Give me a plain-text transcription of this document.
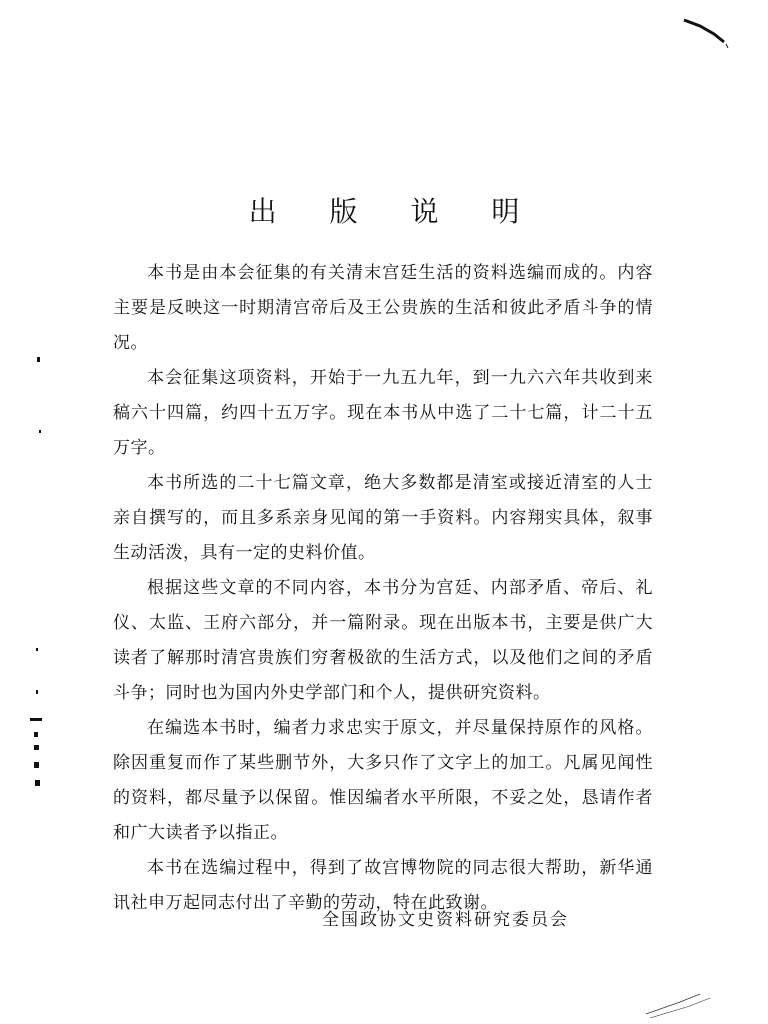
出 版 说 明

本书是由本会征集的有关清末宫廷生活的资料选编而成的。内容主要是反映这一时期清宫帝后及王公贵族的生活和彼此矛盾斗争的情况。

本会征集这项资料，开始于一九五九年，到一九六六年共收到来稿六十四篇，约四十五万字。现在本书从中选了二十七篇，计二十五万字。

本书所选的二十七篇文章，绝大多数都是清室或接近清室的人士亲自撰写的，而且多系亲身见闻的第一手资料。内容翔实具体，叙事生动活泼，具有一定的史料价值。

根据这些文章的不同内容，本书分为宫廷、内部矛盾、帝后、礼仪、太监、王府六部分，并一篇附录。现在出版本书，主要是供广大读者了解那时清宫贵族们穷奢极欲的生活方式，以及他们之间的矛盾斗争；同时也为国内外史学部门和个人，提供研究资料。

在编选本书时，编者力求忠实于原文，并尽量保持原作的风格。除因重复而作了某些删节外，大多只作了文字上的加工。凡属见闻性的资料，都尽量予以保留。惟因编者水平所限，不妥之处，恳请作者和广大读者予以指正。

本书在选编过程中，得到了故宫博物院的同志很大帮助，新华通讯社申万起同志付出了辛勤的劳动，特在此致谢。

全国政协文史资料研究委员会
